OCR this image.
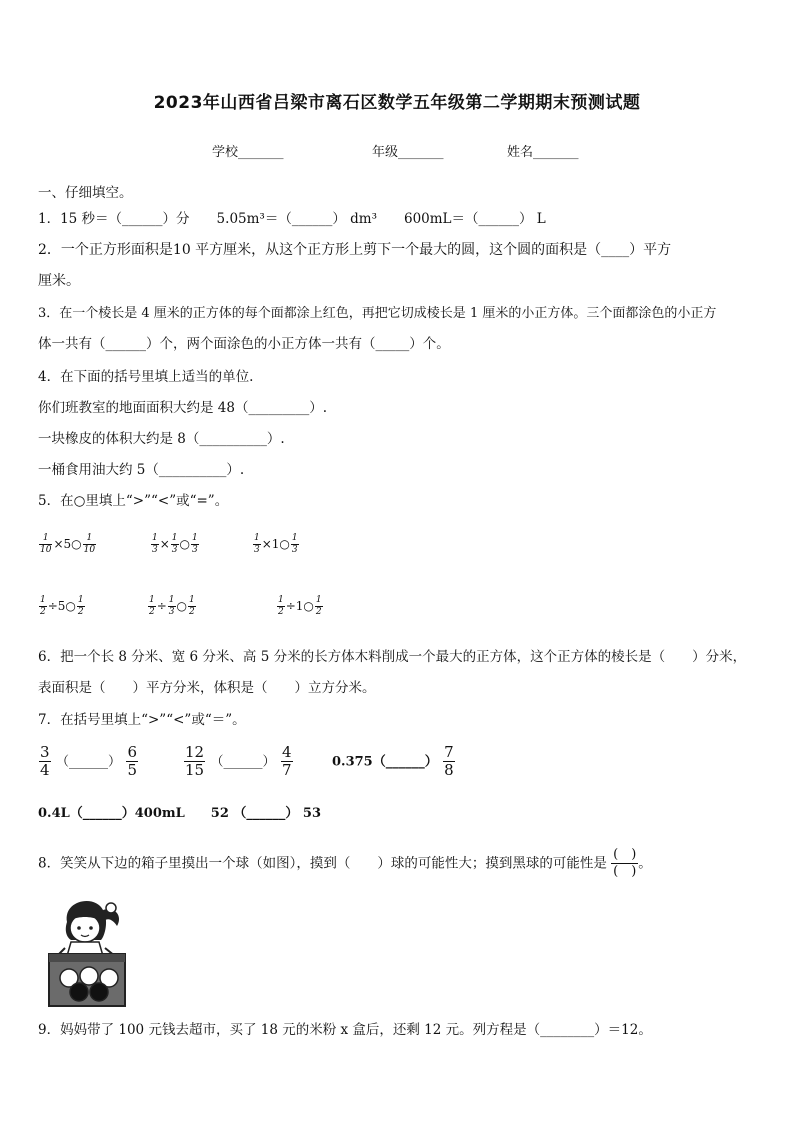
2023年山西省吕梁市离石区数学五年级第二学期期末预测试题
学校_______	年级_______	姓名_______
一、仔细填空。
1．15 秒＝（______）分　　5.05m³＝（______） dm³　　600mL＝（______） L
2．一个正方形面积是10 平方厘米，从这个正方形上剪下一个最大的圆，这个圆的面积是（____）平方
厘米。
3．在一个棱长是 4 厘米的正方体的每个面都涂上红色，再把它切成棱长是 1 厘米的小正方体。三个面都涂色的小正方
体一共有（______）个，两个面涂色的小正方体一共有（_____）个。
4．在下面的括号里填上适当的单位.
你们班教室的地面面积大约是 48（_________）.
一块橡皮的体积大约是 8（__________）.
一桶食用油大约 5（__________）.
5．在○里填上“>”“<”或“=”。
$\frac{1}{10}$ ×5○ $\frac{1}{10}$	$\frac{1}{3} \times \frac{1}{3}$ ○ $\frac{1}{3}$	$\frac{1}{3}$ ×1○ $\frac{1}{3}$
$\frac{1}{2}$ ÷5○ $\frac{1}{2}$	$\frac{1}{2} \div \frac{1}{3}$ ○ $\frac{1}{2}$	$\frac{1}{2}$ ÷1○ $\frac{1}{2}$
6．把一个长 8 分米、宽 6 分米、高 5 分米的长方体木料削成一个最大的正方体，这个正方体的棱长是（　　）分米，
表面积是（　　）平方分米，体积是（　　）立方分米。
7．在括号里填上“>”“<”或“＝”。
$\frac{3}{4}$ （______） $\frac{6}{5}$	$\frac{12}{15}$ （______） $\frac{4}{7}$	0.375（______） $\frac{7}{8}$
0.4L（______）400mL　　52 （______） 53
8．笑笑从下边的箱子里摸出一个球（如图），摸到（　　）球的可能性大；摸到黑球的可能性是
(　)
(　)
。
9．妈妈带了 100 元钱去超市，买了 18 元的米粉 x 盒后，还剩 12 元。列方程是（________）＝12。
